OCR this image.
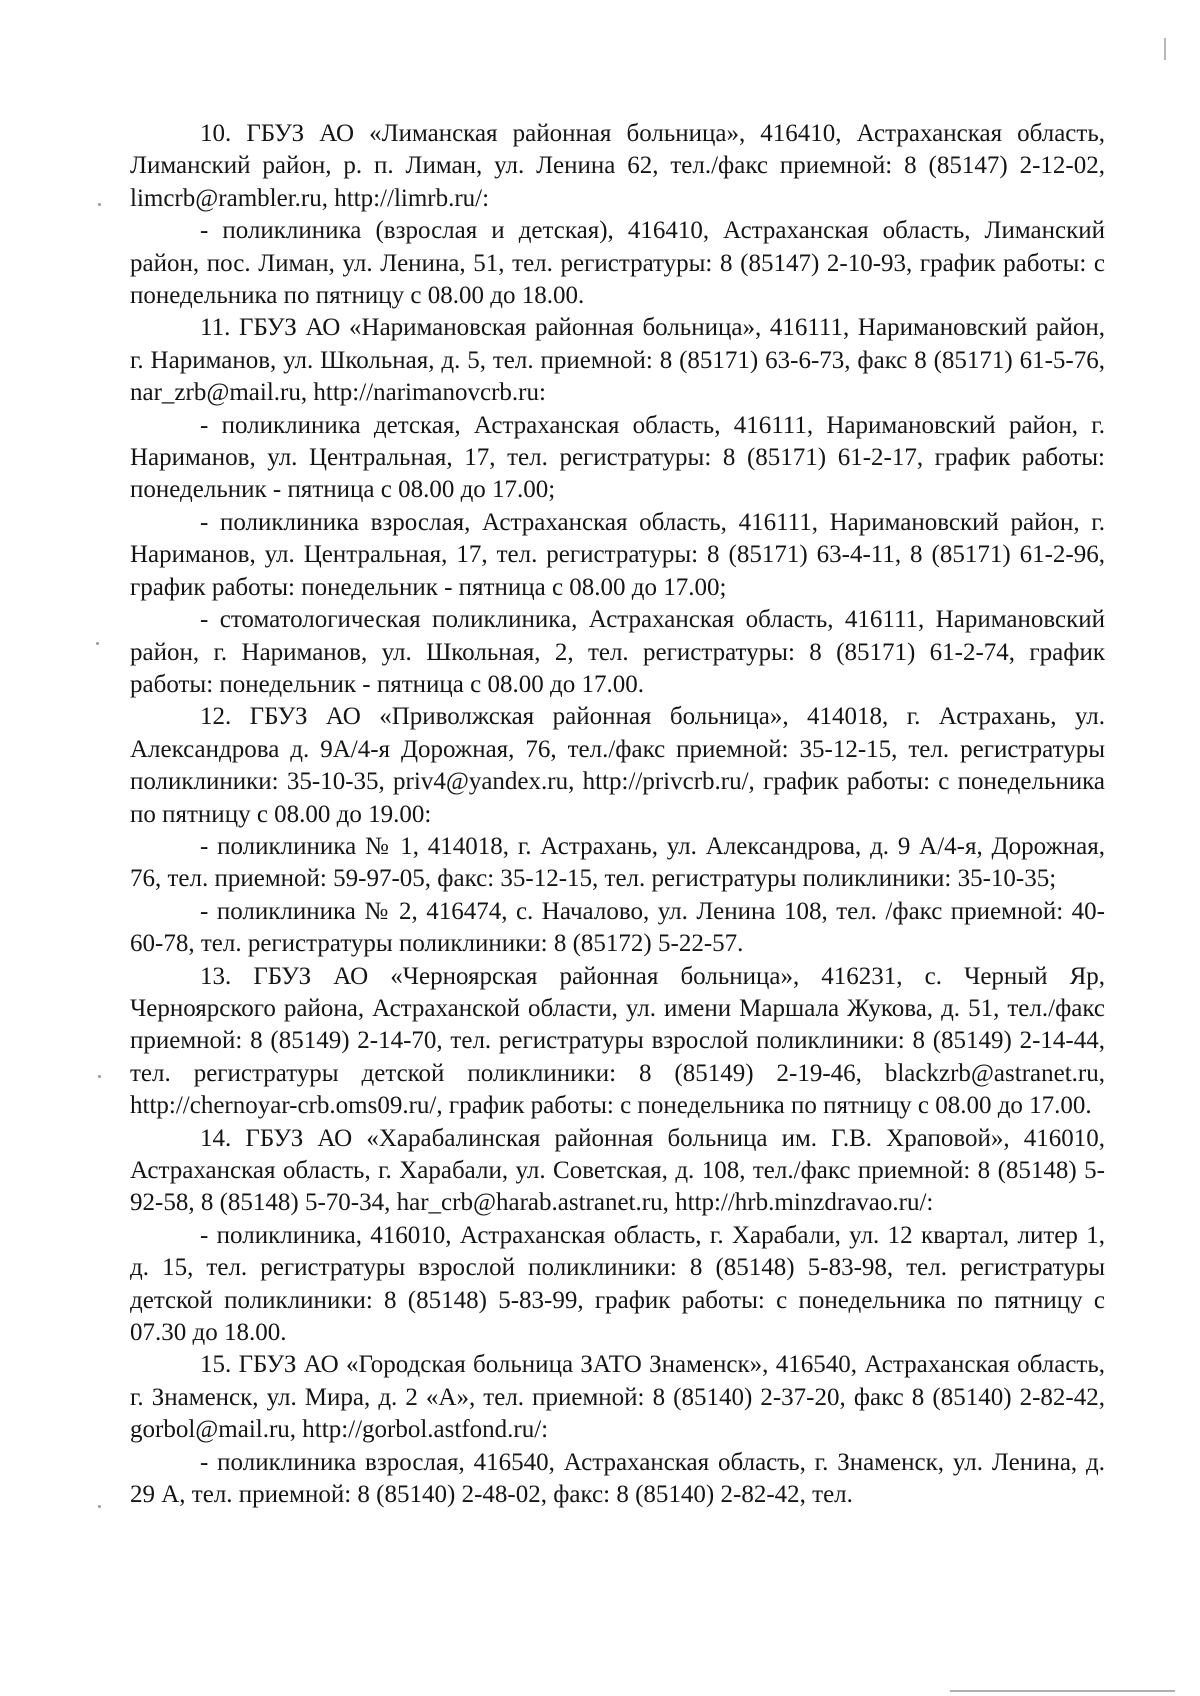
10. ГБУЗ АО «Лиманская районная больница», 416410, Астраханская область, Лиманский район, р. п. Лиман, ул. Ленина 62, тел./факс приемной: 8 (85147) 2-12-02, limcrb@rambler.ru, http://limrb.ru/:

- поликлиника (взрослая и детская), 416410, Астраханская область, Лиманский район, пос. Лиман, ул. Ленина, 51, тел. регистратуры: 8 (85147) 2-10-93, график работы: с понедельника по пятницу с 08.00 до 18.00.

11. ГБУЗ АО «Наримановская районная больница», 416111, Наримановский район, г. Нариманов, ул. Школьная, д. 5, тел. приемной: 8 (85171) 63-6-73, факс 8 (85171) 61-5-76, nar_zrb@mail.ru, http://narimanovcrb.ru:

- поликлиника детская, Астраханская область, 416111, Наримановский район, г. Нариманов, ул. Центральная, 17, тел. регистратуры: 8 (85171) 61-2-17, график работы: понедельник - пятница с 08.00 до 17.00;

- поликлиника взрослая, Астраханская область, 416111, Наримановский район, г. Нариманов, ул. Центральная, 17, тел. регистратуры: 8 (85171) 63-4-11, 8 (85171) 61-2-96, график работы: понедельник - пятница с 08.00 до 17.00;

- стоматологическая поликлиника, Астраханская область, 416111, Наримановский район, г. Нариманов, ул. Школьная, 2, тел. регистратуры: 8 (85171) 61-2-74, график работы: понедельник - пятница с 08.00 до 17.00.

12. ГБУЗ АО «Приволжская районная больница», 414018, г. Астрахань, ул. Александрова д. 9А/4-я Дорожная, 76, тел./факс приемной: 35-12-15, тел. регистратуры поликлиники: 35-10-35, priv4@yandex.ru, http://privcrb.ru/, график работы: с понедельника по пятницу с 08.00 до 19.00:

- поликлиника № 1, 414018, г. Астрахань, ул. Александрова, д. 9 А/4-я, Дорожная, 76, тел. приемной: 59-97-05, факс: 35-12-15, тел. регистратуры поликлиники: 35-10-35;

- поликлиника № 2, 416474, с. Началово, ул. Ленина 108, тел. /факс приемной: 40-60-78, тел. регистратуры поликлиники: 8 (85172) 5-22-57.

13. ГБУЗ АО «Черноярская районная больница», 416231, с. Черный Яр, Черноярского района, Астраханской области, ул. имени Маршала Жукова, д. 51, тел./факс приемной: 8 (85149) 2-14-70, тел. регистратуры взрослой поликлиники: 8 (85149) 2-14-44, тел. регистратуры детской поликлиники: 8 (85149) 2-19-46, blackzrb@astranet.ru, http://chernoyar-crb.oms09.ru/, график работы: с понедельника по пятницу с 08.00 до 17.00.

14. ГБУЗ АО «Харабалинская районная больница им. Г.В. Храповой», 416010, Астраханская область, г. Харабали, ул. Советская, д. 108, тел./факс приемной: 8 (85148) 5-92-58, 8 (85148) 5-70-34, har_crb@harab.astranet.ru, http://hrb.minzdravao.ru/:

- поликлиника, 416010, Астраханская область, г. Харабали, ул. 12 квартал, литер 1, д. 15, тел. регистратуры взрослой поликлиники: 8 (85148) 5-83-98, тел. регистратуры детской поликлиники: 8 (85148) 5-83-99, график работы: с понедельника по пятницу с 07.30 до 18.00.

15. ГБУЗ АО «Городская больница ЗАТО Знаменск», 416540, Астраханская область, г. Знаменск, ул. Мира, д. 2 «А», тел. приемной: 8 (85140) 2-37-20, факс 8 (85140) 2-82-42, gorbol@mail.ru, http://gorbol.astfond.ru/:

- поликлиника взрослая, 416540, Астраханская область, г. Знаменск, ул. Ленина, д. 29 А, тел. приемной: 8 (85140) 2-48-02, факс: 8 (85140) 2-82-42, тел.
